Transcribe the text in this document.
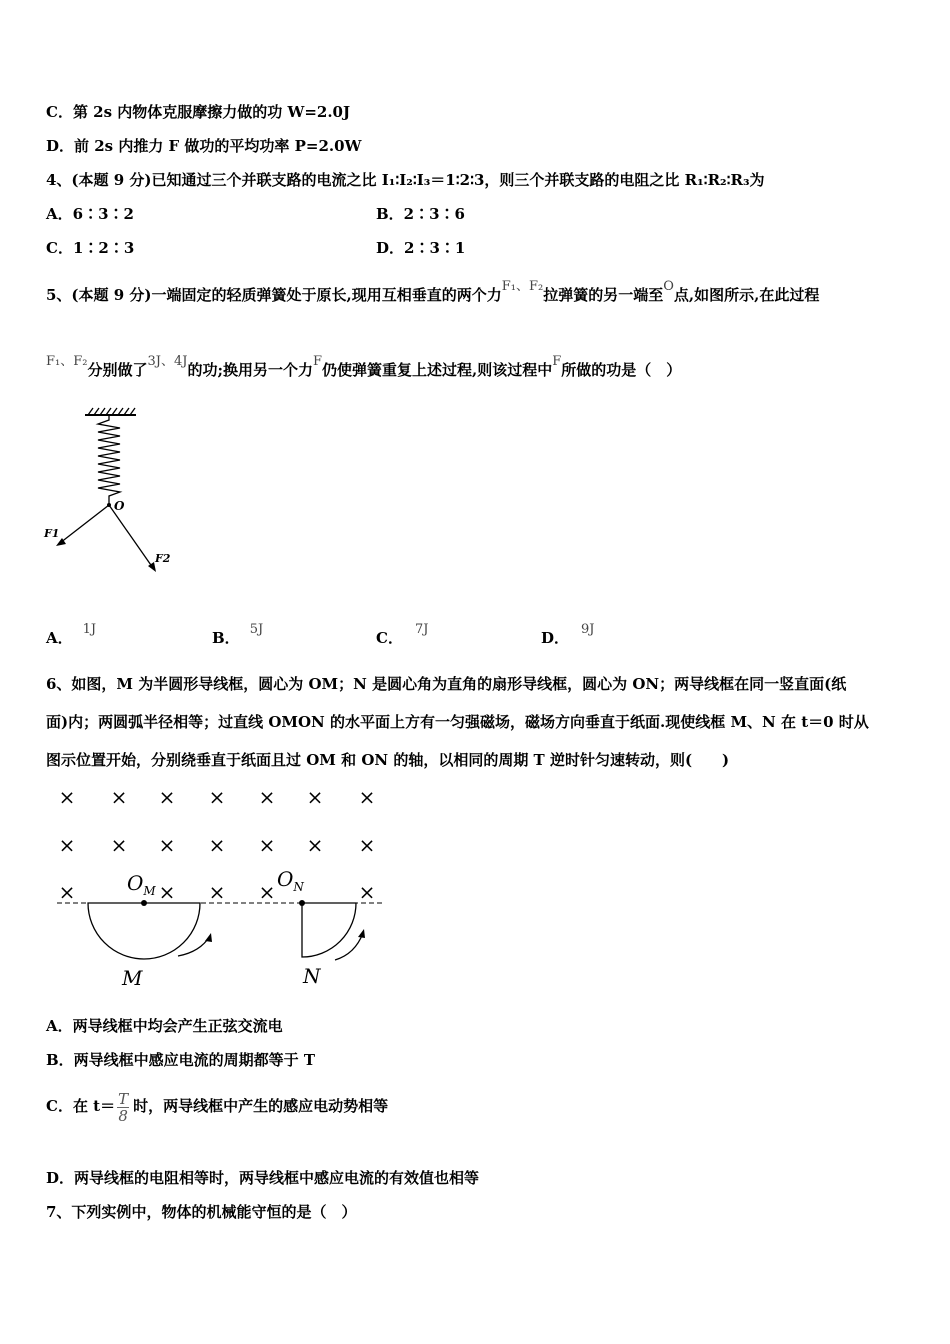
C．第 2s 内物体克服摩擦力做的功 W=2.0J
D．前 2s 内推力 F 做功的平均功率 P=2.0W
4、(本题 9 分)已知通过三个并联支路的电流之比 I₁∶I₂∶I₃＝1∶2∶3，则三个并联支路的电阻之比 R₁∶R₂∶R₃为
A．6∶3∶2	B．2∶3∶6
C．1∶2∶3	D．2∶3∶1
5、(本题 9 分)一端固定的轻质弹簧处于原长,现用互相垂直的两个力F₁、F₂拉弹簧的另一端至O点,如图所示,在此过程
F₁、F₂分别做了3J、4J的功;换用另一个力F仍使弹簧重复上述过程,则该过程中F所做的功是（　）
O
F1
F2
A． 1J	B． 5J	C． 7J	D． 9J
6、如图，M 为半圆形导线框，圆心为 OM；N 是圆心角为直角的扇形导线框，圆心为 ON；两导线框在同一竖直面(纸
面)内；两圆弧半径相等；过直线 OMON 的水平面上方有一匀强磁场，磁场方向垂直于纸面.现使线框 M、N 在 t＝0 时从
图示位置开始，分别绕垂直于纸面且过 OM 和 ON 的轴，以相同的周期 T 逆时针匀速转动，则(　　)
× × × × × × ×
× × × × × × ×
×	× × ×	×
$O_M$
M
$O_N$
N
A．两导线框中均会产生正弦交流电
B．两导线框中感应电流的周期都等于 T
C．在 $t= \frac{T}{8}$ 时，两导线框中产生的感应电动势相等
D．两导线框的电阻相等时，两导线框中感应电流的有效值也相等
7、下列实例中，物体的机械能守恒的是（　）
